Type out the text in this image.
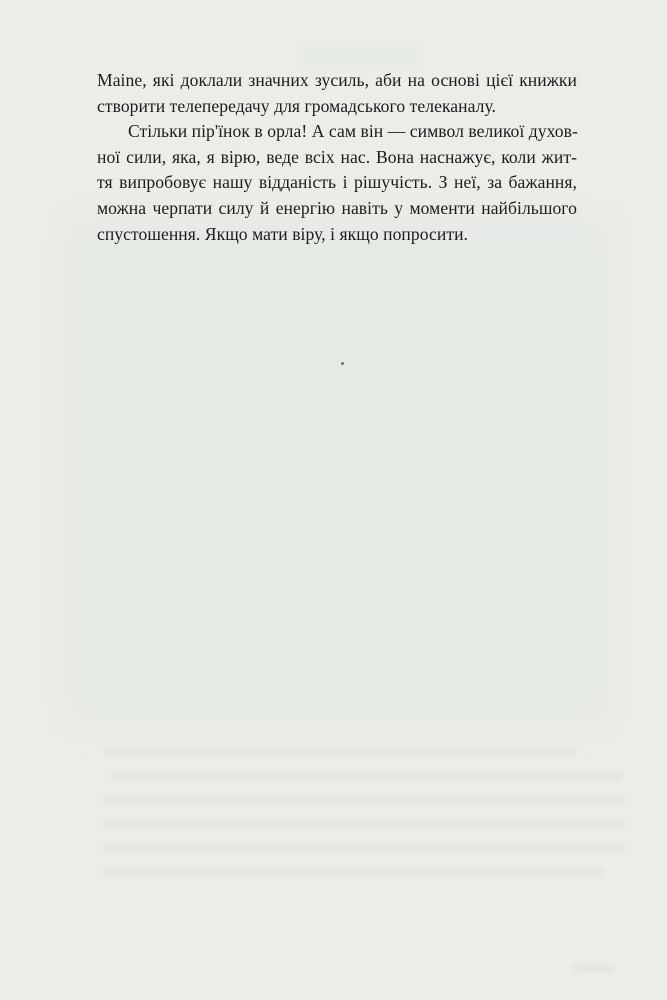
Maine, які доклали значних зусиль, аби на основі цієї книжки
створити телепередачу для громадського телеканалу.
Стільки пір'їнок в орла! А сам він — символ великої духов-
ної сили, яка, я вірю, веде всіх нас. Вона наснажує, коли жит-
тя випробовує нашу відданість і рішучість. З неї, за бажання,
можна черпати силу й енергію навіть у моменти найбільшого
спустошення. Якщо мати віру, і якщо попросити.
